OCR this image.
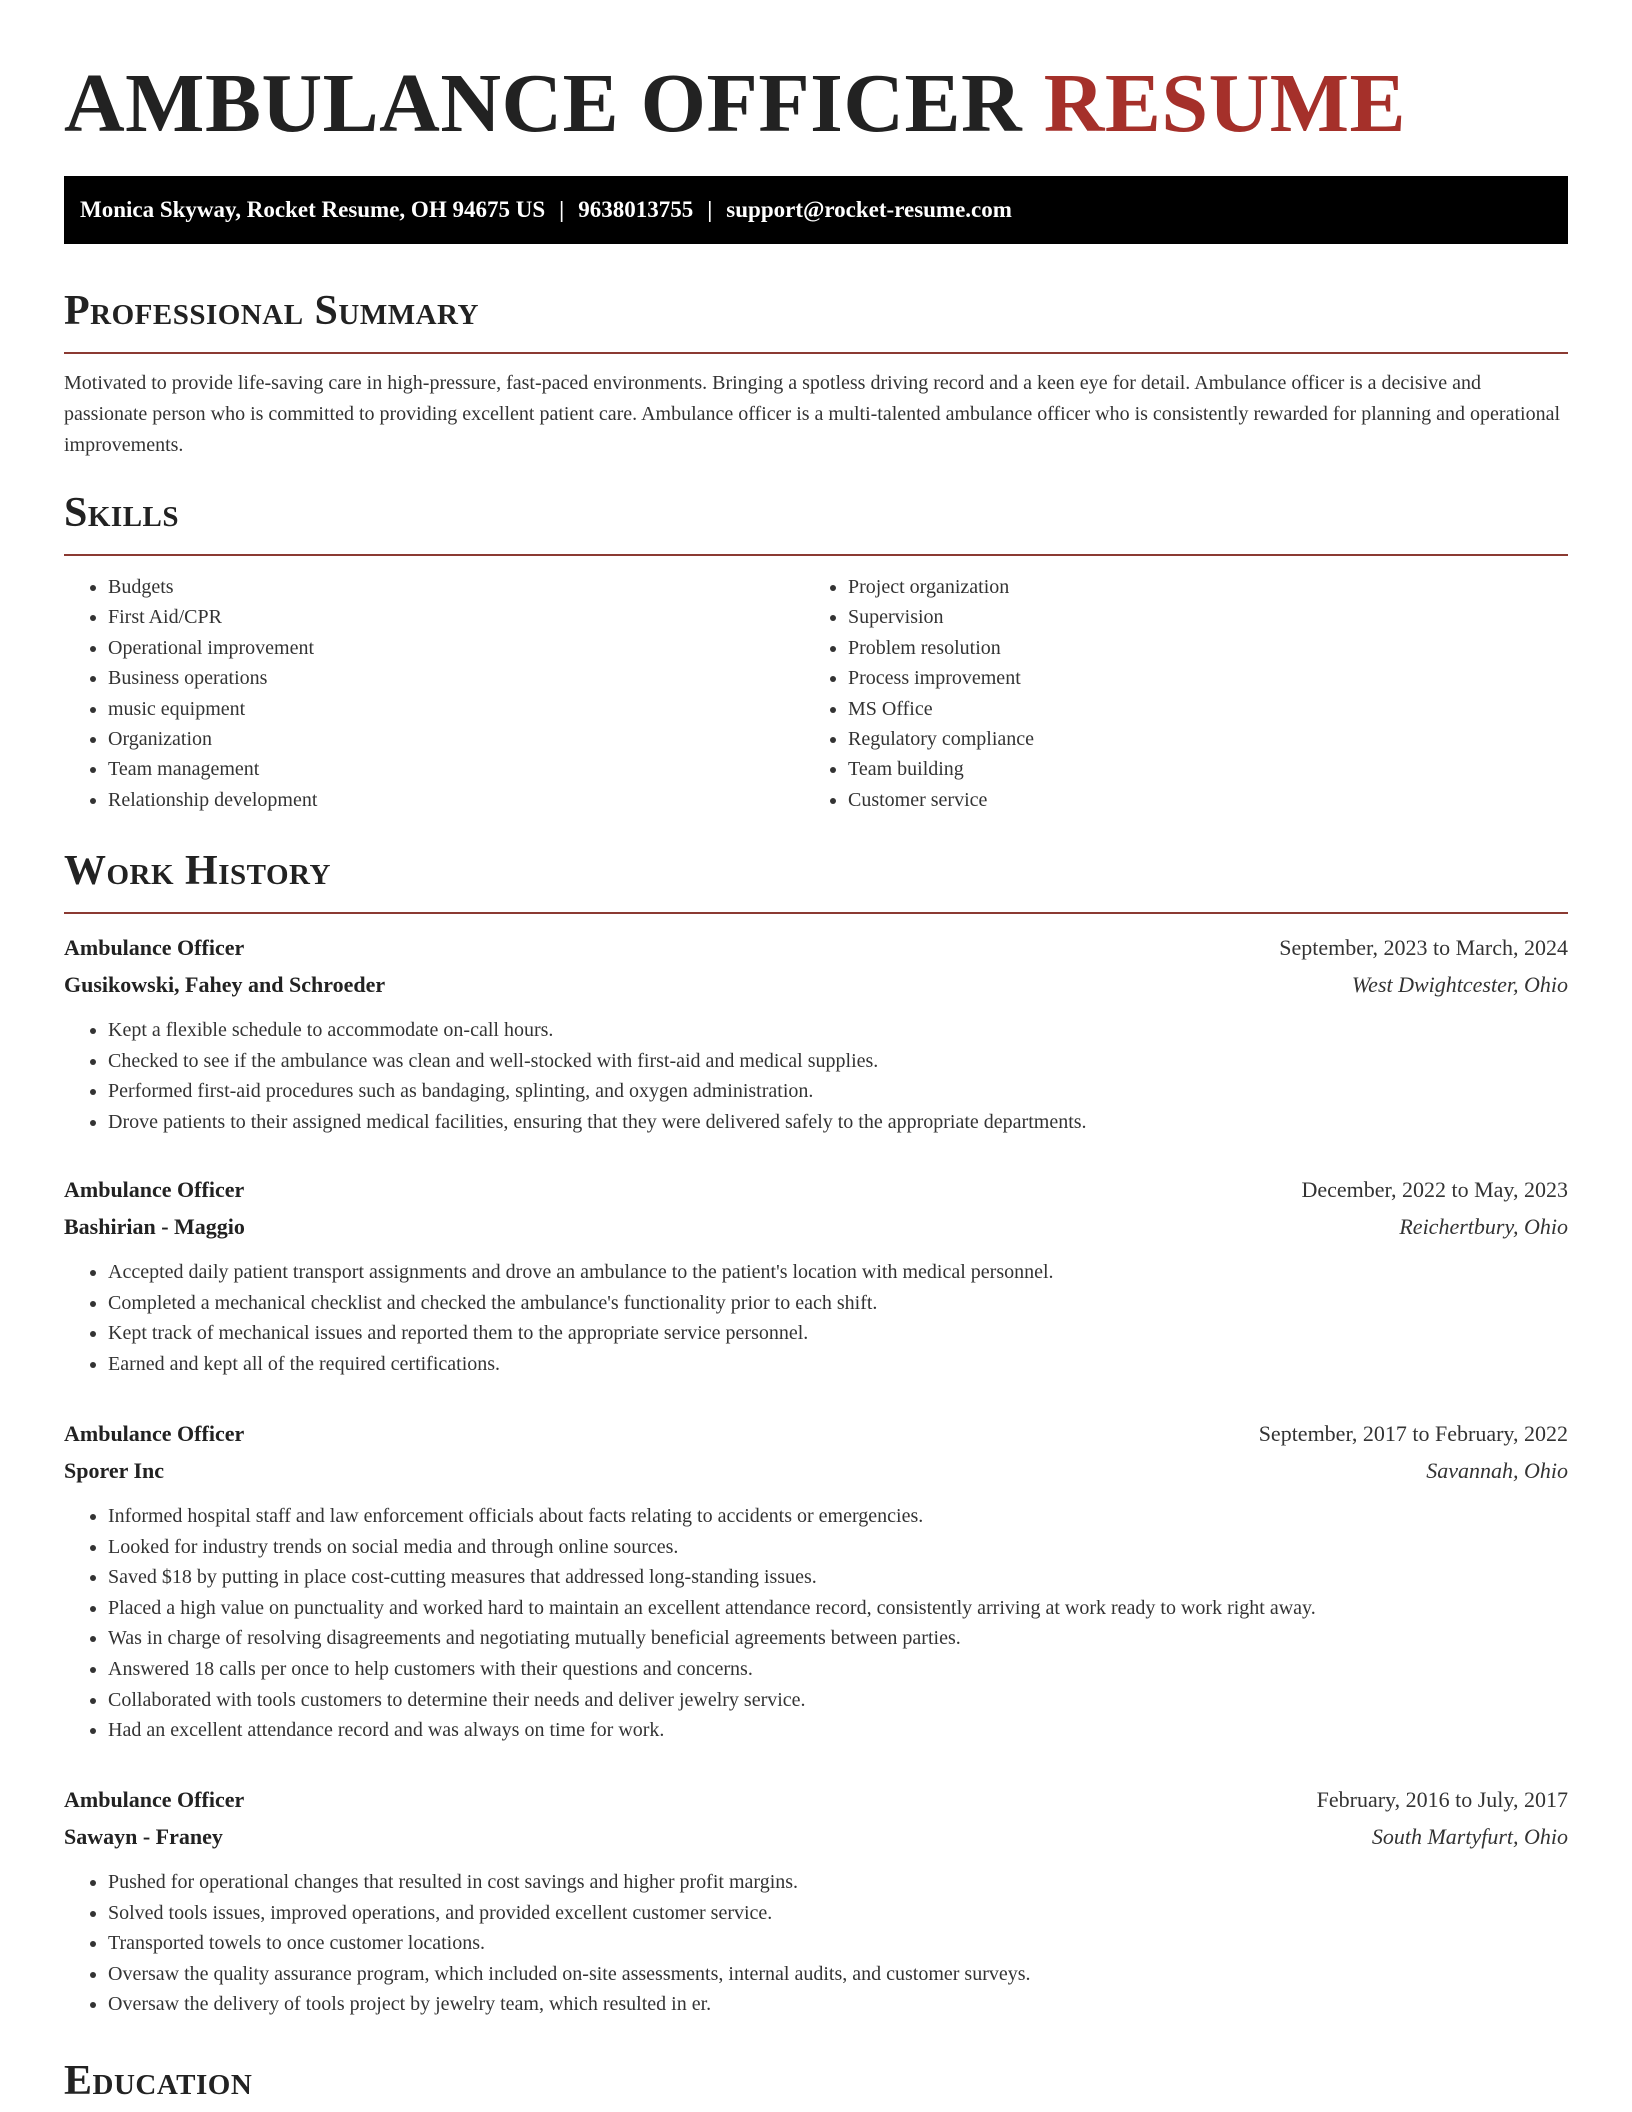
AMBULANCE OFFICER RESUME
Monica Skyway, Rocket Resume, OH 94675 US | 9638013755 | support@rocket-resume.com
Professional Summary

Motivated to provide life-saving care in high-pressure, fast-paced environments. Bringing a spotless driving record and a keen eye for detail. Ambulance officer is a decisive and passionate person who is committed to providing excellent patient care. Ambulance officer is a multi-talented ambulance officer who is consistently rewarded for planning and operational improvements.

Skills
• Budgets
• First Aid/CPR
• Operational improvement
• Business operations
• music equipment
• Organization
• Team management
• Relationship development
• Project organization
• Supervision
• Problem resolution
• Process improvement
• MS Office
• Regulatory compliance
• Team building
• Customer service
Work History
Ambulance Officer	September, 2023 to March, 2024
Gusikowski, Fahey and Schroeder	West Dwightcester, Ohio
• Kept a flexible schedule to accommodate on-call hours.
• Checked to see if the ambulance was clean and well-stocked with first-aid and medical supplies.
• Performed first-aid procedures such as bandaging, splinting, and oxygen administration.
• Drove patients to their assigned medical facilities, ensuring that they were delivered safely to the appropriate departments.
Ambulance Officer	December, 2022 to May, 2023
Bashirian - Maggio	Reichertbury, Ohio
• Accepted daily patient transport assignments and drove an ambulance to the patient's location with medical personnel.
• Completed a mechanical checklist and checked the ambulance's functionality prior to each shift.
• Kept track of mechanical issues and reported them to the appropriate service personnel.
• Earned and kept all of the required certifications.
Ambulance Officer	September, 2017 to February, 2022
Sporer Inc	Savannah, Ohio
• Informed hospital staff and law enforcement officials about facts relating to accidents or emergencies.
• Looked for industry trends on social media and through online sources.
• Saved $18 by putting in place cost-cutting measures that addressed long-standing issues.
• Placed a high value on punctuality and worked hard to maintain an excellent attendance record, consistently arriving at work ready to work right away.
• Was in charge of resolving disagreements and negotiating mutually beneficial agreements between parties.
• Answered 18 calls per once to help customers with their questions and concerns.
• Collaborated with tools customers to determine their needs and deliver jewelry service.
• Had an excellent attendance record and was always on time for work.
Ambulance Officer	February, 2016 to July, 2017
Sawayn - Franey	South Martyfurt, Ohio
• Pushed for operational changes that resulted in cost savings and higher profit margins.
• Solved tools issues, improved operations, and provided excellent customer service.
• Transported towels to once customer locations.
• Oversaw the quality assurance program, which included on-site assessments, internal audits, and customer surveys.
• Oversaw the delivery of tools project by jewelry team, which resulted in er.
Education
